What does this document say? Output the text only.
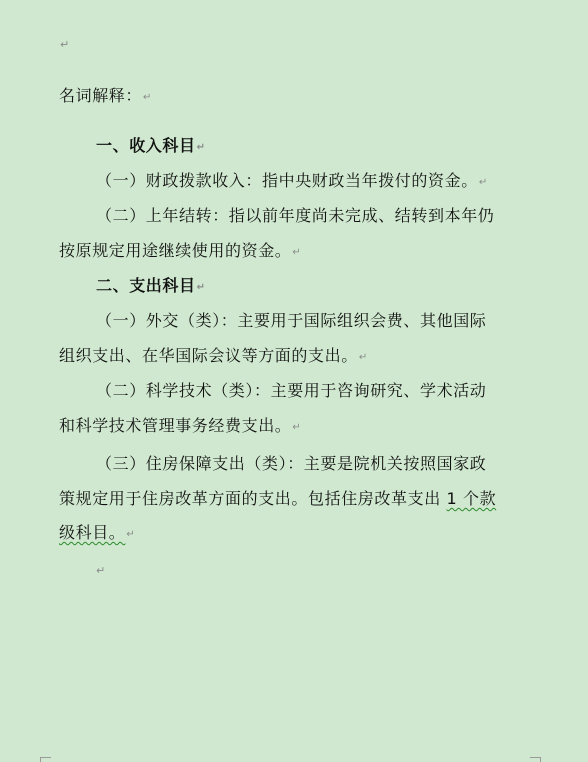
↵
名词解释：↵
一、收入科目↵
（一）财政拨款收入：指中央财政当年拨付的资金。↵
（二）上年结转：指以前年度尚未完成、结转到本年仍
按原规定用途继续使用的资金。↵
二、支出科目↵
（一）外交（类）：主要用于国际组织会费、其他国际
组织支出、在华国际会议等方面的支出。↵
（二）科学技术（类）：主要用于咨询研究、学术活动
和科学技术管理事务经费支出。↵
（三）住房保障支出（类）：主要是院机关按照国家政
策规定用于住房改革方面的支出。包括住房改革支出 1 个款
级科目。↵
↵
